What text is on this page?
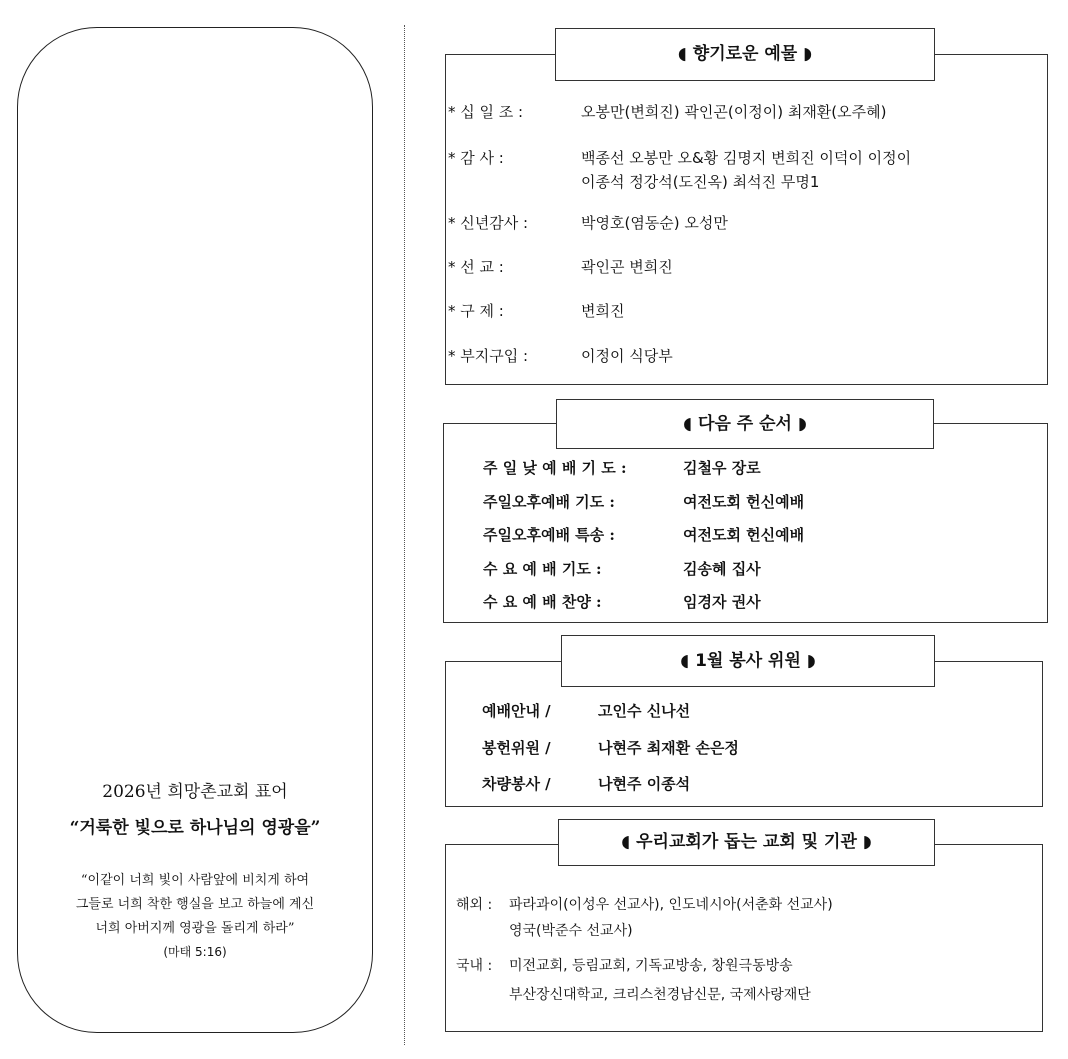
2026년 희망촌교회 표어
“거룩한 빛으로 하나님의 영광을”
“이같이 너희 빛이 사람앞에 비치게 하여
그들로 너희 착한 행실을 보고 하늘에 계신
너희 아버지께 영광을 돌리게 하라”
(마태 5:16)
◖ 향기로운 예물 ◗
* 십 일 조 :	오봉만(변희진) 곽인곤(이정이) 최재환(오주혜)
* 감 사 :	백종선 오봉만 오&황 김명지 변희진 이덕이 이정이
이종석 정강석(도진옥) 최석진 무명1
* 신년감사 :	박영호(염동순) 오성만
* 선 교 :	곽인곤 변희진
* 구 제 :	변희진
* 부지구입 :	이정이 식당부
◖ 다음 주 순서 ◗
주 일 낮 예 배 기 도 :	김철우 장로
주일오후예배 기도 :	여전도회 헌신예배
주일오후예배 특송 :	여전도회 헌신예배
수 요 예 배 기도 :	김송혜 집사
수 요 예 배 찬양 :	임경자 권사
◖ 1월 봉사 위원 ◗
예배안내 /	고인수 신나선
봉헌위원 /	나현주 최재환 손은정
차량봉사 /	나현주 이종석
◖ 우리교회가 돕는 교회 및 기관 ◗
해외 : 파라과이(이성우 선교사), 인도네시아(서춘화 선교사)
영국(박준수 선교사)
국내 : 미전교회, 등림교회, 기독교방송, 창원극동방송
부산장신대학교, 크리스천경남신문, 국제사랑재단
